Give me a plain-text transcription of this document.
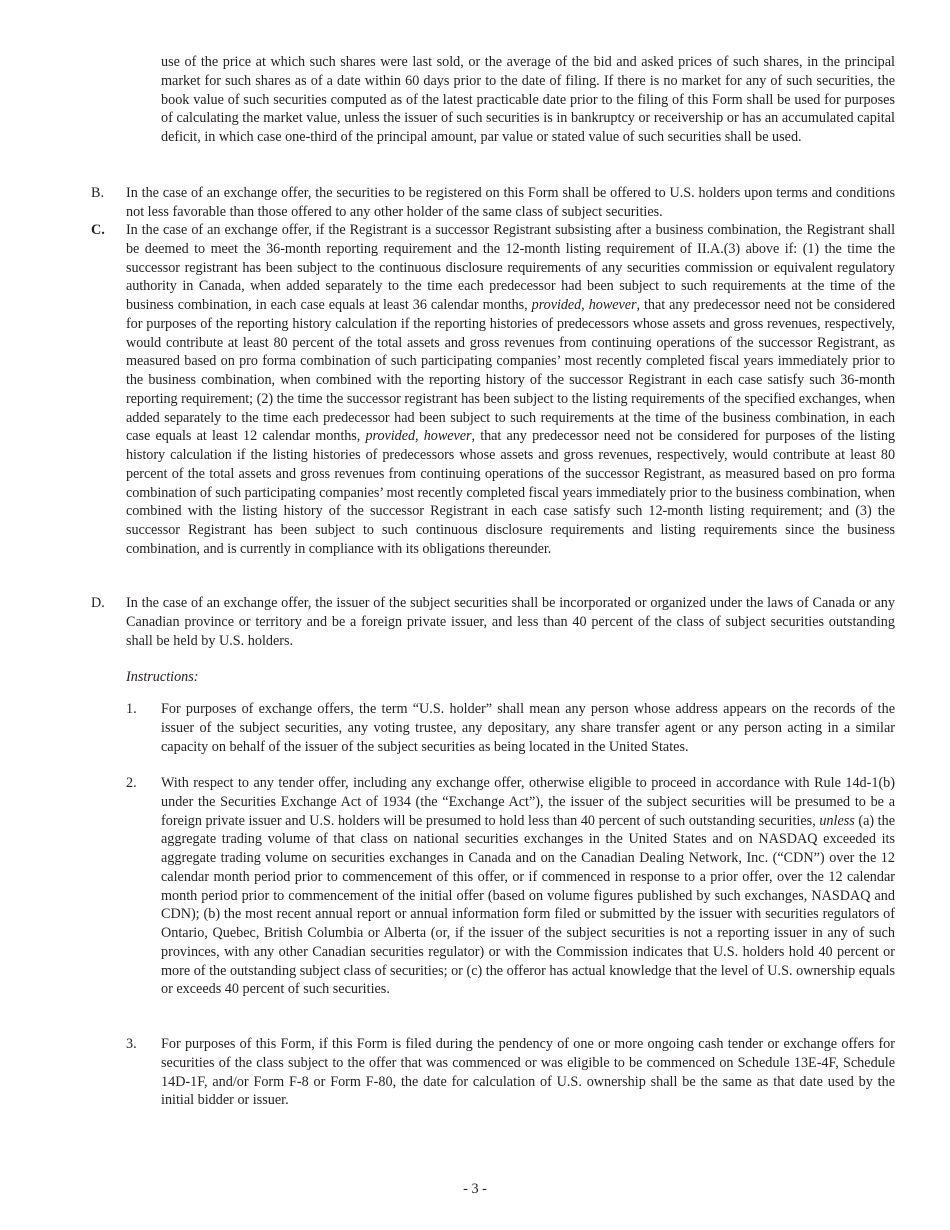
use of the price at which such shares were last sold, or the average of the bid and asked prices of such shares, in the principal market for such shares as of a date within 60 days prior to the date of filing. If there is no market for any of such securities, the book value of such securities computed as of the latest practicable date prior to the filing of this Form shall be used for purposes of calculating the market value, unless the issuer of such securities is in bankruptcy or receivership or has an accumulated capital deficit, in which case one-third of the principal amount, par value or stated value of such securities shall be used.

B. In the case of an exchange offer, the securities to be registered on this Form shall be offered to U.S. holders upon terms and conditions not less favorable than those offered to any other holder of the same class of subject securities.

C. In the case of an exchange offer, if the Registrant is a successor Registrant subsisting after a business combination, the Registrant shall be deemed to meet the 36-month reporting requirement and the 12-month listing requirement of II.A.(3) above if: (1) the time the successor registrant has been subject to the continuous disclosure requirements of any securities commission or equivalent regulatory authority in Canada, when added separately to the time each predecessor had been subject to such requirements at the time of the business combination, in each case equals at least 36 calendar months, provided, however, that any predecessor need not be considered for purposes of the reporting history calculation if the reporting histories of predecessors whose assets and gross revenues, respectively, would contribute at least 80 percent of the total assets and gross revenues from continuing operations of the successor Registrant, as measured based on pro forma combination of such participating companies’ most recently completed fiscal years immediately prior to the business combination, when combined with the reporting history of the successor Registrant in each case satisfy such 36-month reporting requirement; (2) the time the successor registrant has been subject to the listing requirements of the specified exchanges, when added separately to the time each predecessor had been subject to such requirements at the time of the business combination, in each case equals at least 12 calendar months, provided, however, that any predecessor need not be considered for purposes of the listing history calculation if the listing histories of predecessors whose assets and gross revenues, respectively, would contribute at least 80 percent of the total assets and gross revenues from continuing operations of the successor Registrant, as measured based on pro forma combination of such participating companies’ most recently completed fiscal years immediately prior to the business combination, when combined with the listing history of the successor Registrant in each case satisfy such 12-month listing requirement; and (3) the successor Registrant has been subject to such continuous disclosure requirements and listing requirements since the business combination, and is currently in compliance with its obligations thereunder.

D. In the case of an exchange offer, the issuer of the subject securities shall be incorporated or organized under the laws of Canada or any Canadian province or territory and be a foreign private issuer, and less than 40 percent of the class of subject securities outstanding shall be held by U.S. holders.

Instructions:
1. For purposes of exchange offers, the term “U.S. holder” shall mean any person whose address appears on the records of the issuer of the subject securities, any voting trustee, any depositary, any share transfer agent or any person acting in a similar capacity on behalf of the issuer of the subject securities as being located in the United States.

2. With respect to any tender offer, including any exchange offer, otherwise eligible to proceed in accordance with Rule 14d-1(b) under the Securities Exchange Act of 1934 (the “Exchange Act”), the issuer of the subject securities will be presumed to be a foreign private issuer and U.S. holders will be presumed to hold less than 40 percent of such outstanding securities, unless (a) the aggregate trading volume of that class on national securities exchanges in the United States and on NASDAQ exceeded its aggregate trading volume on securities exchanges in Canada and on the Canadian Dealing Network, Inc. (“CDN”) over the 12 calendar month period prior to commencement of this offer, or if commenced in response to a prior offer, over the 12 calendar month period prior to commencement of the initial offer (based on volume figures published by such exchanges, NASDAQ and CDN); (b) the most recent annual report or annual information form filed or submitted by the issuer with securities regulators of Ontario, Quebec, British Columbia or Alberta (or, if the issuer of the subject securities is not a reporting issuer in any of such provinces, with any other Canadian securities regulator) or with the Commission indicates that U.S. holders hold 40 percent or more of the outstanding subject class of securities; or (c) the offeror has actual knowledge that the level of U.S. ownership equals or exceeds 40 percent of such securities.

3. For purposes of this Form, if this Form is filed during the pendency of one or more ongoing cash tender or exchange offers for securities of the class subject to the offer that was commenced or was eligible to be commenced on Schedule 13E-4F, Schedule 14D-1F, and/or Form F-8 or Form F-80, the date for calculation of U.S. ownership shall be the same as that date used by the initial bidder or issuer.

- 3 -
